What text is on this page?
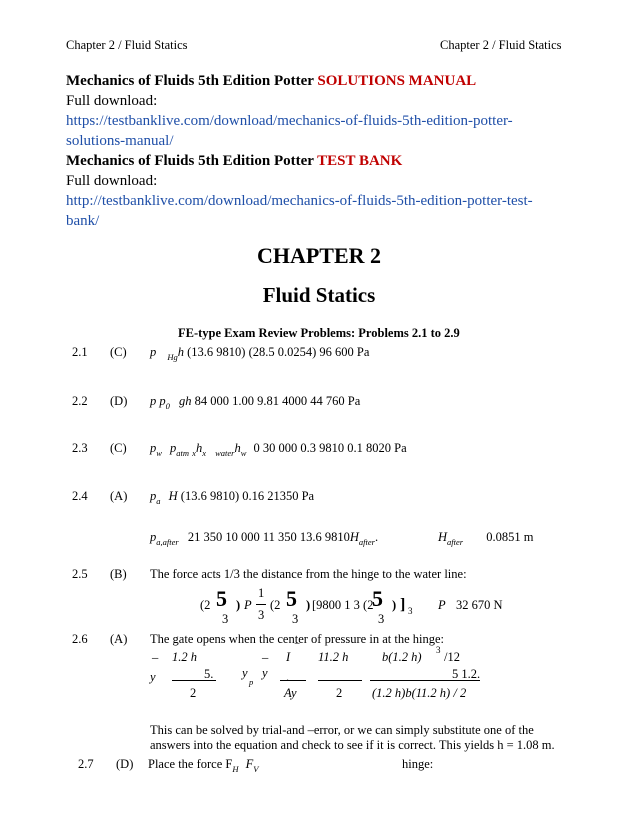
Chapter 2 / Fluid Statics	Chapter 2 / Fluid Statics
Mechanics of Fluids 5th Edition Potter SOLUTIONS MANUAL
Full download:
https://testbanklive.com/download/mechanics-of-fluids-5th-edition-potter-
solutions-manual/
Mechanics of Fluids 5th Edition Potter TEST BANK
Full download:
http://testbanklive.com/download/mechanics-of-fluids-5th-edition-potter-test-
bank/
CHAPTER 2
Fluid Statics
FE-type Exam Review Problems: Problems 2.1 to 2.9
2.1 (C) p $_{Hg}$h (13.6 9810) (28.5 0.0254) 96 600 Pa
2.2 (D) p $p_0$ gh 84 000 1.00 9.81 4000 44 760 Pa
2.3 (C) $p_w$ $p_{atm}$ $_xh_x$ $_{water}h_w$ 0 30 000 0.3 9810 0.1 8020 Pa
2.4 (A) $p_a$ H (13.6 9810) 0.16 21350 Pa
$p_{a,after}$ 21 350 10 000 11 350 13.6 $9810H_{after}$.	$H_{after}$ 0.0851 m
2.5 (B) The force acts 1/3 the distance from the hinge to the water line:
(2 5 )
3
P
1
3
(2 5 )
3
[9800 1 3 (2
5 )
3
] 3 P 32 670 N
2.6 (A) The gate opens when the center of pressure in at the hinge:
_ 1.2 h	_ I
‾
11.2 h	b(1.2 h) 3 /12
y	5.
2
y
$_p$
y .
Ay	2
5 1.2.
(1.2 h)b(11.2 h) / 2
This can be solved by trial-and –error, or we can simply substitute one of the
answers into the equation and check to see if it is correct. This yields h = 1.08 m.
2.7 (D) Place the force $F_H$ $F_V$	hinge:
